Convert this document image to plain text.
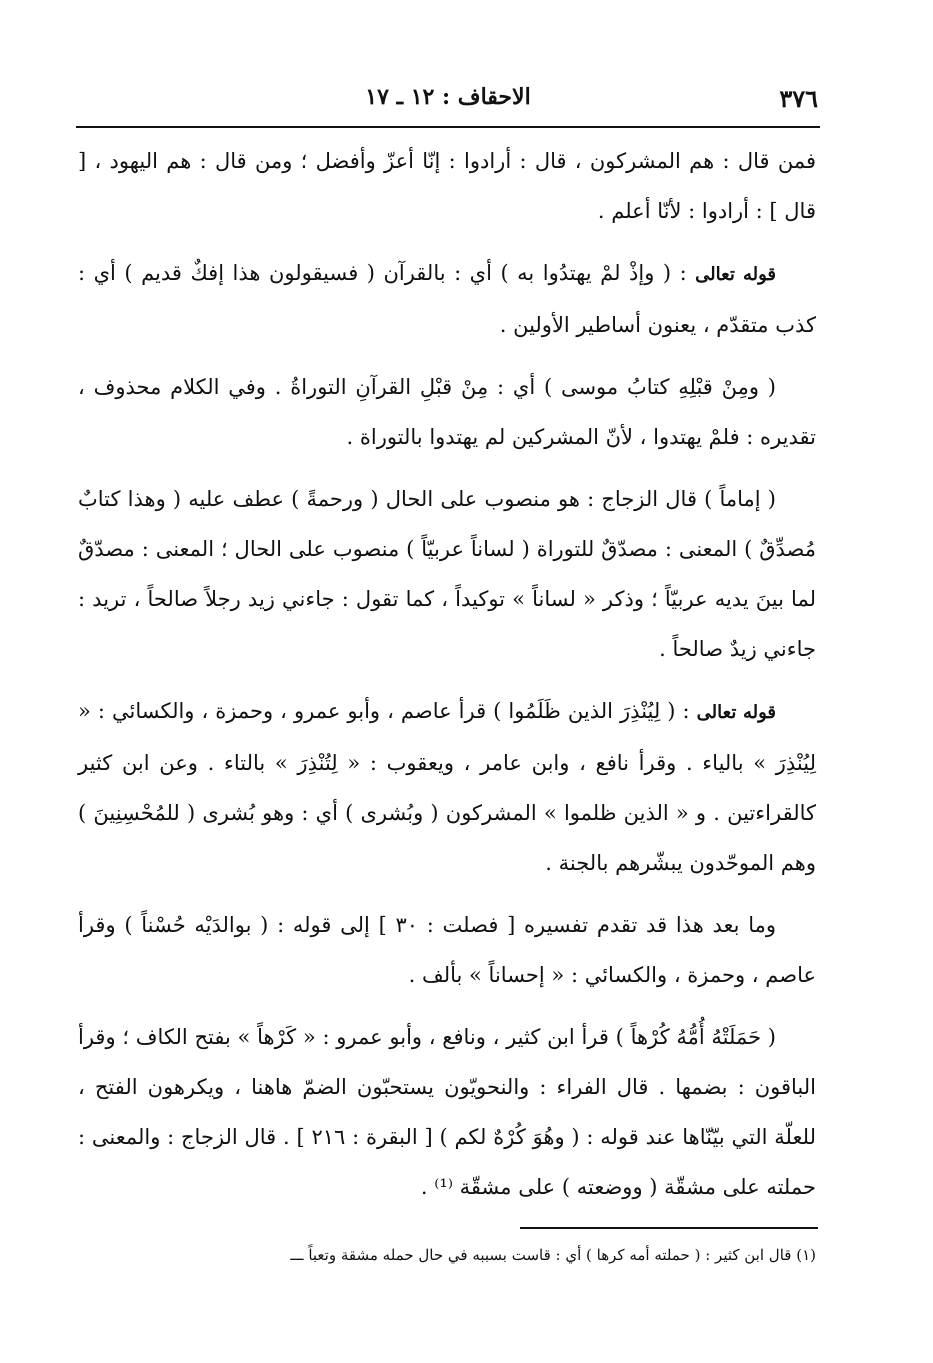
٣٧٦
الاحقاف : ١٢ ـ ١٧

فمن قال : هم المشركون ، قال : أرادوا : إنّا أعزّ وأفضل ؛ ومن قال : هم اليهود ، [ قال ] : أرادوا : لأنّا أعلم .

قوله تعالى : ( وإذْ لمْ يهتدُوا به ) أي : بالقرآن ( فسيقولون هذا إفكٌ قديم ) أي : كذب متقدّم ، يعنون أساطير الأولين .

( ومِنْ قبْلِهِ كتابُ موسى ) أي : مِنْ قبْلِ القرآنِ التوراةُ . وفي الكلام محذوف ، تقديره : فلمْ يهتدوا ، لأنّ المشركين لم يهتدوا بالتوراة .

( إماماً ) قال الزجاج : هو منصوب على الحال ( ورحمةً ) عطف عليه ( وهذا كتابٌ مُصدِّقٌ ) المعنى : مصدّقٌ للتوراة ( لساناً عربيّاً ) منصوب على الحال ؛ المعنى : مصدّقٌ لما بينَ يديه عربيّاً ؛ وذكر « لساناً » توكيداً ، كما تقول : جاءني زيد رجلاً صالحاً ، تريد : جاءني زيدٌ صالحاً .

قوله تعالى : ( لِيُنْذِرَ الذين ظَلَمُوا ) قرأ عاصم ، وأبو عمرو ، وحمزة ، والكسائي : « لِيُنْذِرَ » بالياء . وقرأ نافع ، وابن عامر ، ويعقوب : « لِتُنْذِرَ » بالتاء . وعن ابن كثير كالقراءتين . و « الذين ظلموا » المشركون ( وبُشرى ) أي : وهو بُشرى ( للمُحْسِنِينَ ) وهم الموحّدون يبشّرهم بالجنة .

وما بعد هذا قد تقدم تفسيره [ فصلت : ٣٠ ] إلى قوله : ( بوالدَيْه حُسْناً ) وقرأ عاصم ، وحمزة ، والكسائي : « إحساناً » بألف .

( حَمَلَتْهُ أُمُّهُ كُرْهاً ) قرأ ابن كثير ، ونافع ، وأبو عمرو : « كَرْهاً » بفتح الكاف ؛ وقرأ الباقون : بضمها . قال الفراء : والنحويّون يستحبّون الضمّ هاهنا ، ويكرهون الفتح ، للعلّة التي بيّنّاها عند قوله : ( وهُوَ كُرْهٌ لكم ) [ البقرة : ٢١٦ ] . قال الزجاج : والمعنى : حملته على مشقّة ( ووضعته ) على مشقّة ⁽¹⁾ .

(١) قال ابن كثير : ( حملته أمه كرها ) أي : قاست بسببه في حال حمله مشقة وتعباً ـــ
